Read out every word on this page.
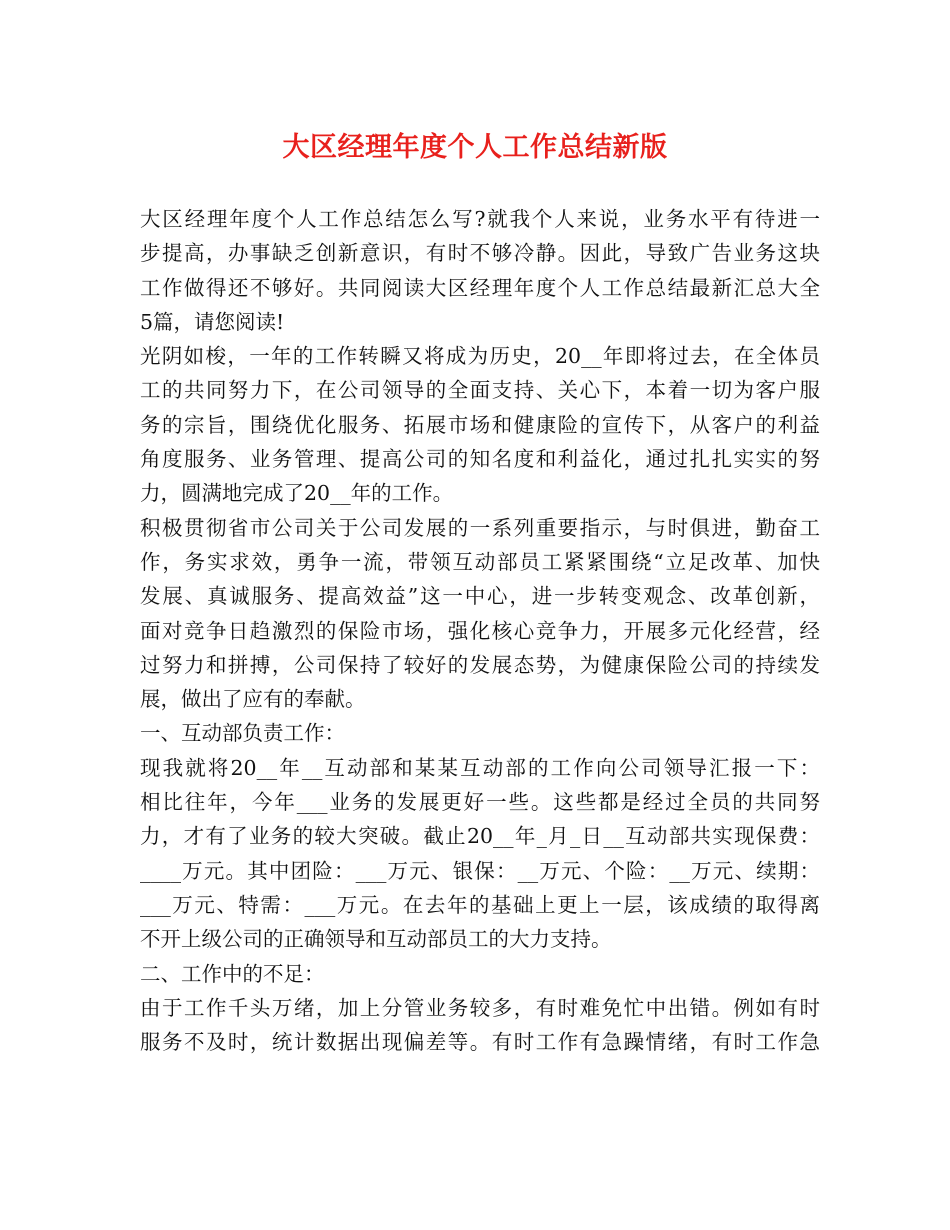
大区经理年度个人工作总结新版
大区经理年度个人工作总结怎么写?就我个人来说，业务水平有待进一
步提高，办事缺乏创新意识，有时不够冷静。因此，导致广告业务这块
工作做得还不够好。共同阅读大区经理年度个人工作总结最新汇总大全
5篇，请您阅读!
光阴如梭，一年的工作转瞬又将成为历史，20__年即将过去，在全体员
工的共同努力下，在公司领导的全面支持、关心下，本着一切为客户服
务的宗旨，围绕优化服务、拓展市场和健康险的宣传下，从客户的利益
角度服务、业务管理、提高公司的知名度和利益化，通过扎扎实实的努
力，圆满地完成了20__年的工作。
积极贯彻省市公司关于公司发展的一系列重要指示，与时俱进，勤奋工
作，务实求效，勇争一流，带领互动部员工紧紧围绕“立足改革、加快
发展、真诚服务、提高效益”这一中心，进一步转变观念、改革创新，
面对竞争日趋激烈的保险市场，强化核心竞争力，开展多元化经营，经
过努力和拼搏，公司保持了较好的发展态势，为健康保险公司的持续发
展，做出了应有的奉献。
一、互动部负责工作：
现我就将20__年__互动部和某某互动部的工作向公司领导汇报一下：
相比往年，今年___业务的发展更好一些。这些都是经过全员的共同努
力，才有了业务的较大突破。截止20__年_月_日__互动部共实现保费：
____万元。其中团险：___万元、银保：__万元、个险：__万元、续期：
___万元、特需：___万元。在去年的基础上更上一层，该成绩的取得离
不开上级公司的正确领导和互动部员工的大力支持。
二、工作中的不足：
由于工作千头万绪，加上分管业务较多，有时难免忙中出错。例如有时
服务不及时，统计数据出现偏差等。有时工作有急躁情绪，有时工作急
